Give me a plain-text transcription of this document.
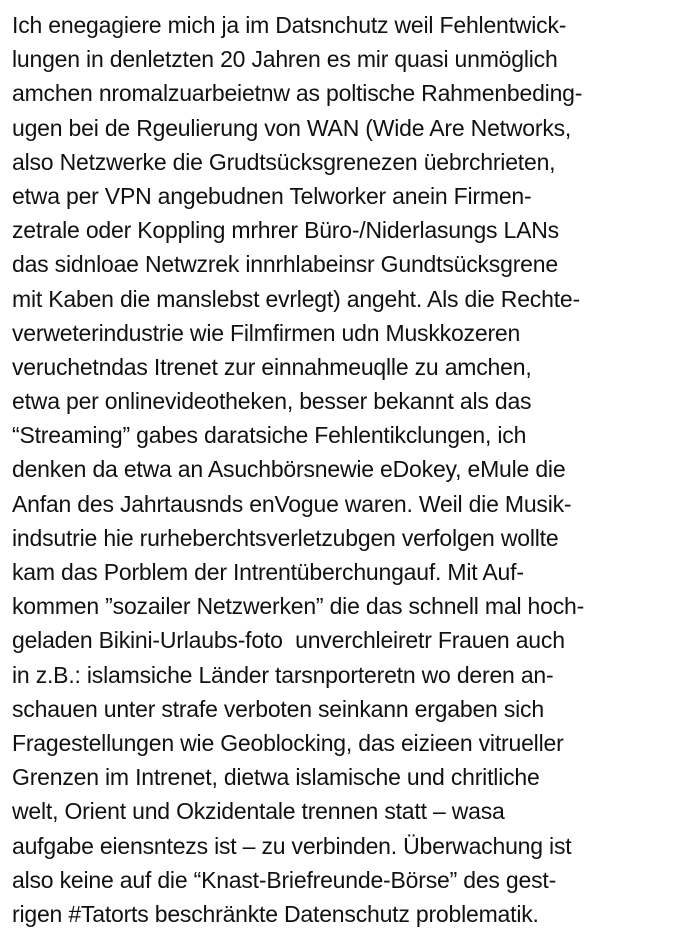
Ich enegagiere mich ja im Datsnchutz weil Fehlentwick-
lungen in denletzten 20 Jahren es mir quasi unmöglich
amchen nromalzuarbeietnw as poltische Rahmenbeding-
ugen bei de Rgeulierung von WAN (Wide Are Networks,
also Netzwerke die Grudtsücksgrenezen üebrchrieten,
etwa per VPN angebudnen Telworker anein Firmen-
zetrale oder Koppling mrhrer Büro-/Niderlasungs LANs
das sidnloae Netwzrek innrhlabeinsr Gundtsücksgrene
mit Kaben die manslebst evrlegt) angeht. Als die Rechte-
verweterindustrie wie Filmfirmen udn Muskkozeren
veruchetndas Itrenet zur einnahmeuqlle zu amchen,
etwa per onlinevideotheken, besser bekannt als das
“Streaming” gabes daratsiche Fehlentikclungen, ich
denken da etwa an Asuchbörsnewie eDokey, eMule die
Anfan des Jahrtausnds enVogue waren. Weil die Musik-
indsutrie hie rurheberchtsverletzubgen verfolgen wollte
kam das Porblem der Intrentüberchungauf. Mit Auf-
kommen ”sozailer Netzwerken” die das schnell mal hoch-
geladen Bikini-Urlaubs-foto  unverchleiretr Frauen auch
in z.B.: islamsiche Länder tarsnporteretn wo deren an-
schauen unter strafe verboten seinkann ergaben sich
Fragestellungen wie Geoblocking, das eizieen vitrueller
Grenzen im Intrenet, dietwa islamische und chritliche
welt, Orient und Okzidentale trennen statt – wasa
aufgabe eiensntezs ist – zu verbinden. Überwachung ist
also keine auf die “Knast-Briefreunde-Börse” des gest-
rigen #Tatorts beschränkte Datenschutz problematik.
